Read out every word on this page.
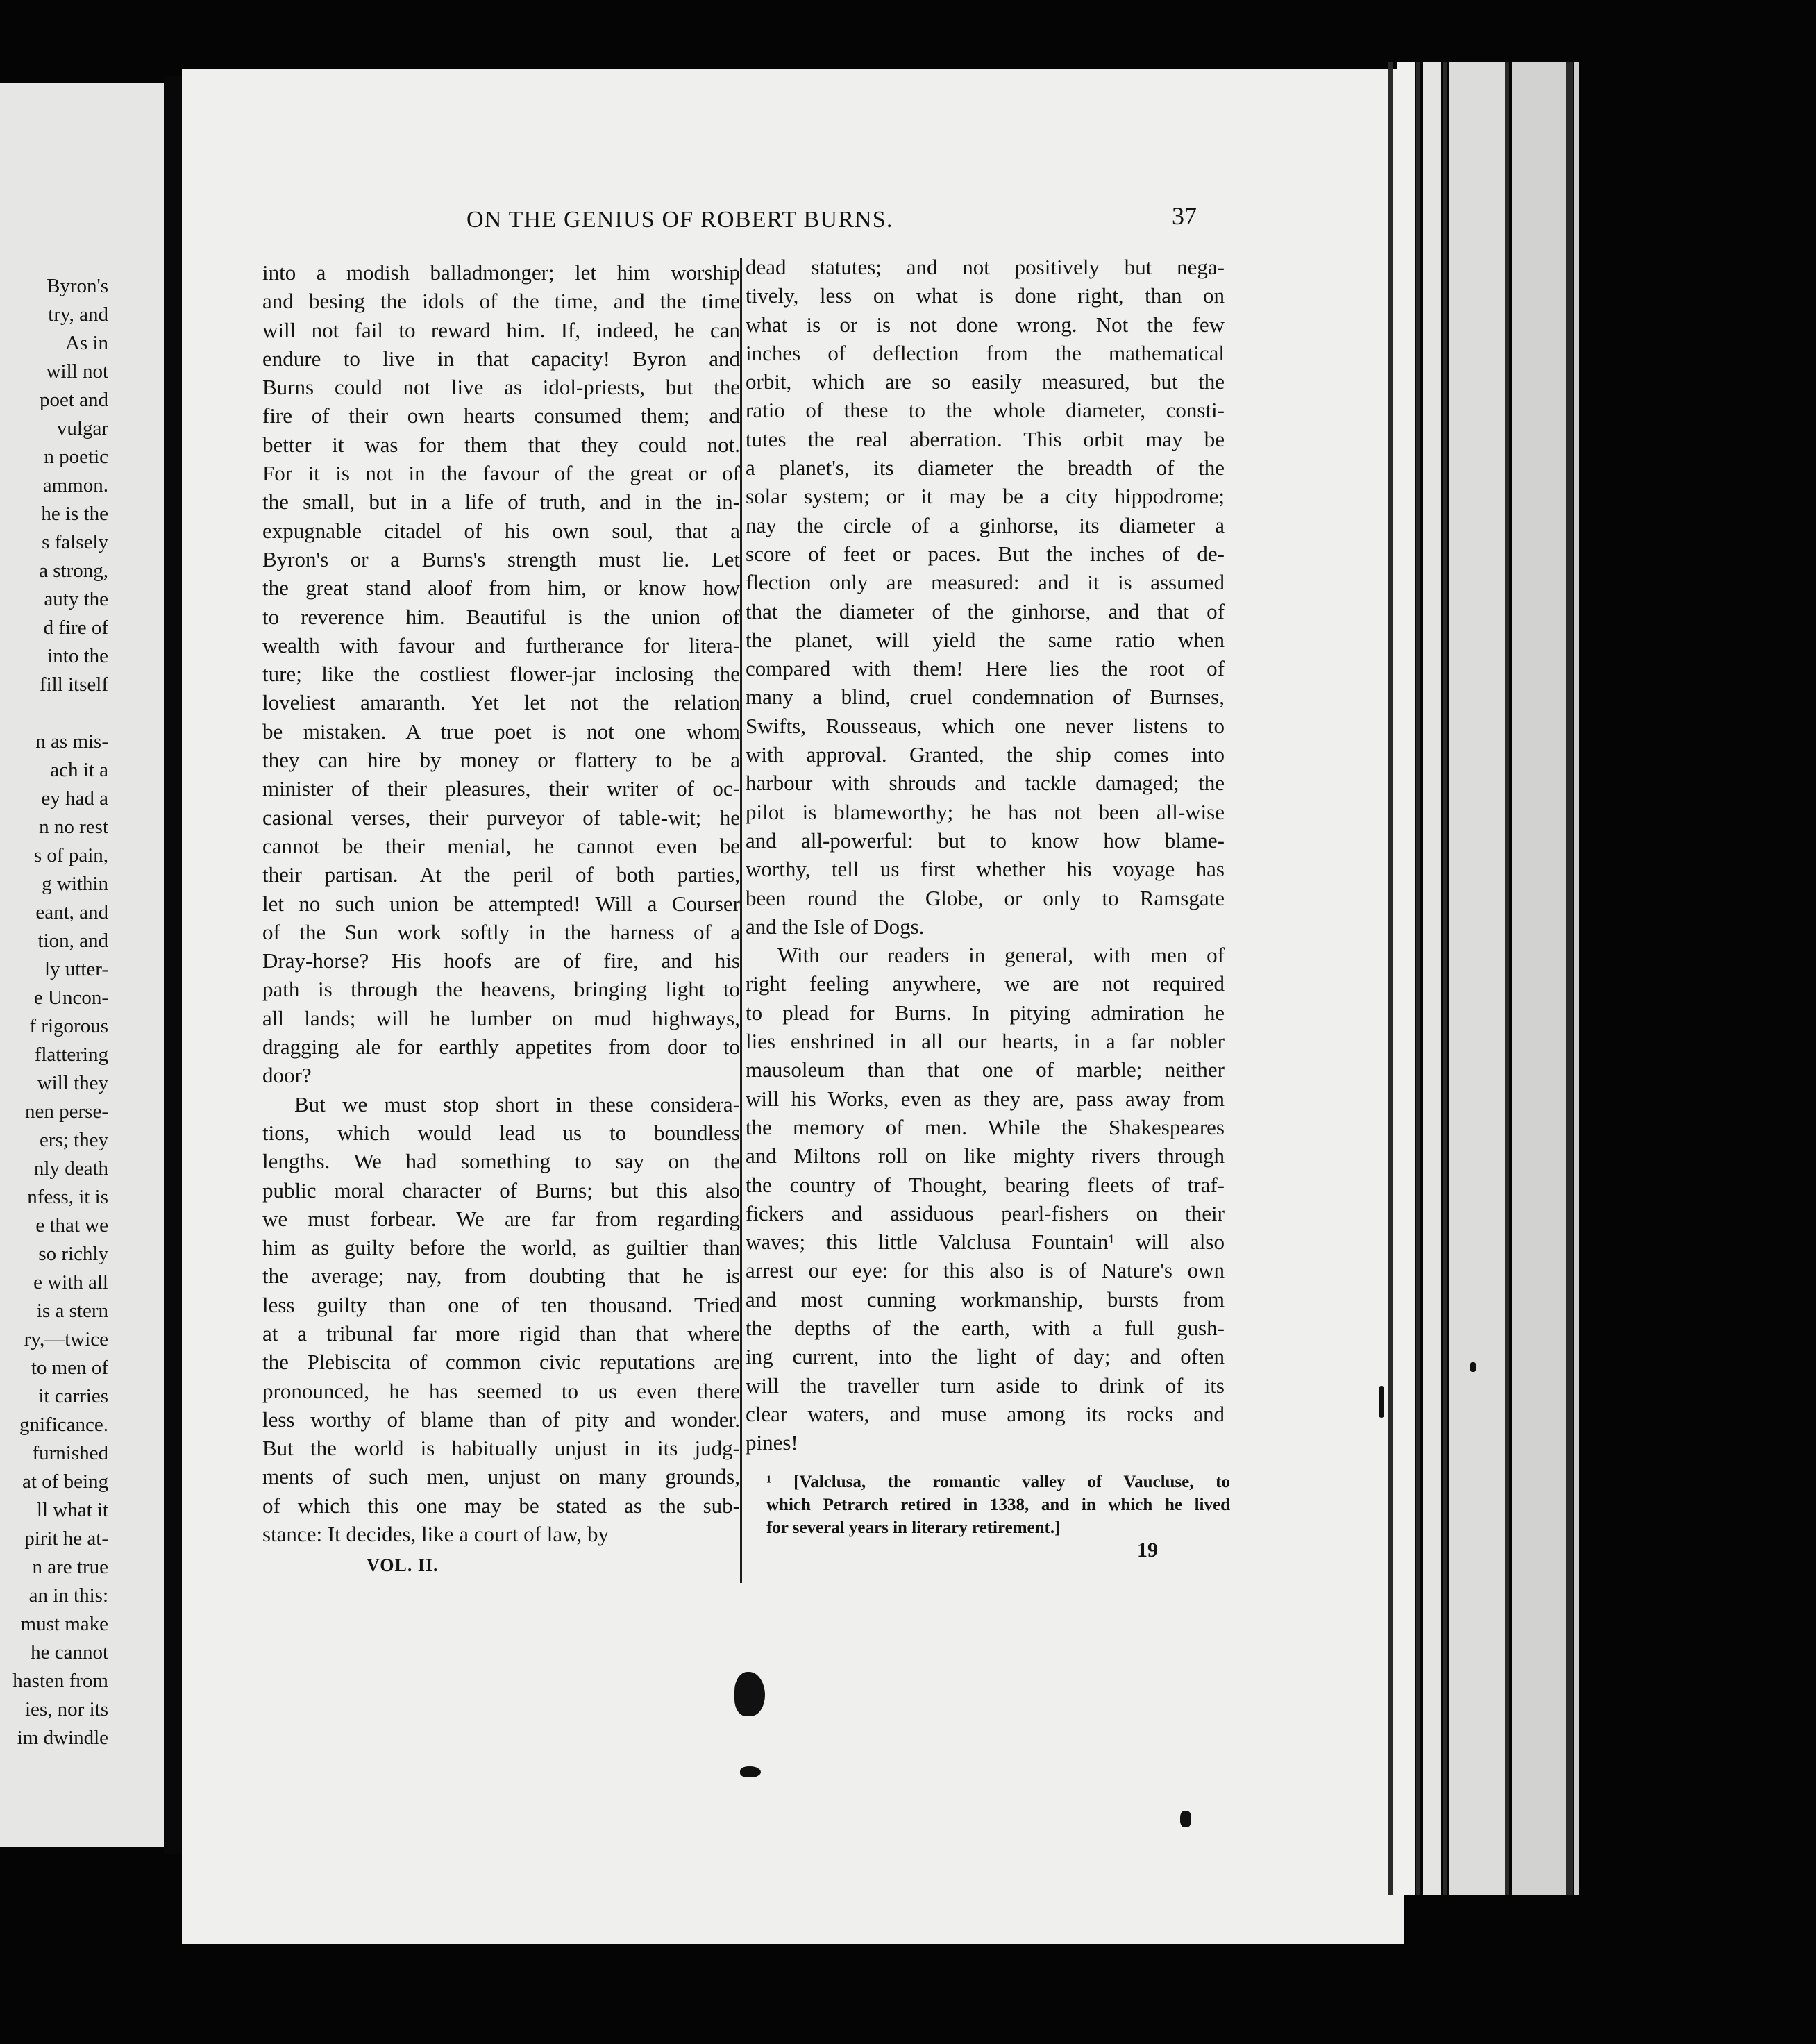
Byron's
try, and
As in
will not
poet and
vulgar
n poetic
ammon.
he is the
s falsely
a strong,
auty the
d fire of
into the
fill itself
n as mis-
ach it a
ey had a
n no rest
s of pain,
g within
eant, and
tion, and
ly utter-
e Uncon-
f rigorous
flattering
will they
nen perse-
ers; they
nly death
nfess, it is
e that we
so richly
e with all
is a stern
ry,—twice
to men of
it carries
gnificance.
furnished
at of being
ll what it
pirit he at-
n are true
an in this:
must make
he cannot
hasten from
ies, nor its
im dwindle
ON THE GENIUS OF ROBERT BURNS.	37
into a modish balladmonger; let him worship
and besing the idols of the time, and the time
will not fail to reward him. If, indeed, he can
endure to live in that capacity! Byron and
Burns could not live as idol-priests, but the
fire of their own hearts consumed them; and
better it was for them that they could not.
For it is not in the favour of the great or of
the small, but in a life of truth, and in the in-
expugnable citadel of his own soul, that a
Byron's or a Burns's strength must lie. Let
the great stand aloof from him, or know how
to reverence him. Beautiful is the union of
wealth with favour and furtherance for litera-
ture; like the costliest flower-jar inclosing the
loveliest amaranth. Yet let not the relation
be mistaken. A true poet is not one whom
they can hire by money or flattery to be a
minister of their pleasures, their writer of oc-
casional verses, their purveyor of table-wit; he
cannot be their menial, he cannot even be
their partisan. At the peril of both parties,
let no such union be attempted! Will a Courser
of the Sun work softly in the harness of a
Dray-horse? His hoofs are of fire, and his
path is through the heavens, bringing light to
all lands; will he lumber on mud highways,
dragging ale for earthly appetites from door to
door?
But we must stop short in these considera-
tions, which would lead us to boundless
lengths. We had something to say on the
public moral character of Burns; but this also
we must forbear. We are far from regarding
him as guilty before the world, as guiltier than
the average; nay, from doubting that he is
less guilty than one of ten thousand. Tried
at a tribunal far more rigid than that where
the Plebiscita of common civic reputations are
pronounced, he has seemed to us even there
less worthy of blame than of pity and wonder.
But the world is habitually unjust in its judg-
ments of such men, unjust on many grounds,
of which this one may be stated as the sub-
stance: It decides, like a court of law, by
dead statutes; and not positively but nega-
tively, less on what is done right, than on
what is or is not done wrong. Not the few
inches of deflection from the mathematical
orbit, which are so easily measured, but the
ratio of these to the whole diameter, consti-
tutes the real aberration. This orbit may be
a planet's, its diameter the breadth of the
solar system; or it may be a city hippodrome;
nay the circle of a ginhorse, its diameter a
score of feet or paces. But the inches of de-
flection only are measured: and it is assumed
that the diameter of the ginhorse, and that of
the planet, will yield the same ratio when
compared with them! Here lies the root of
many a blind, cruel condemnation of Burnses,
Swifts, Rousseaus, which one never listens to
with approval. Granted, the ship comes into
harbour with shrouds and tackle damaged; the
pilot is blameworthy; he has not been all-wise
and all-powerful: but to know how blame-
worthy, tell us first whether his voyage has
been round the Globe, or only to Ramsgate
and the Isle of Dogs.
With our readers in general, with men of
right feeling anywhere, we are not required
to plead for Burns. In pitying admiration he
lies enshrined in all our hearts, in a far nobler
mausoleum than that one of marble; neither
will his Works, even as they are, pass away from
the memory of men. While the Shakespeares
and Miltons roll on like mighty rivers through
the country of Thought, bearing fleets of traf-
fickers and assiduous pearl-fishers on their
waves; this little Valclusa Fountain¹ will also
arrest our eye: for this also is of Nature's own
and most cunning workmanship, bursts from
the depths of the earth, with a full gush-
ing current, into the light of day; and often
will the traveller turn aside to drink of its
clear waters, and muse among its rocks and
pines!
¹ [Valclusa, the romantic valley of Vaucluse, to
which Petrarch retired in 1338, and in which he lived
for several years in literary retirement.]
VOL. II.
19
